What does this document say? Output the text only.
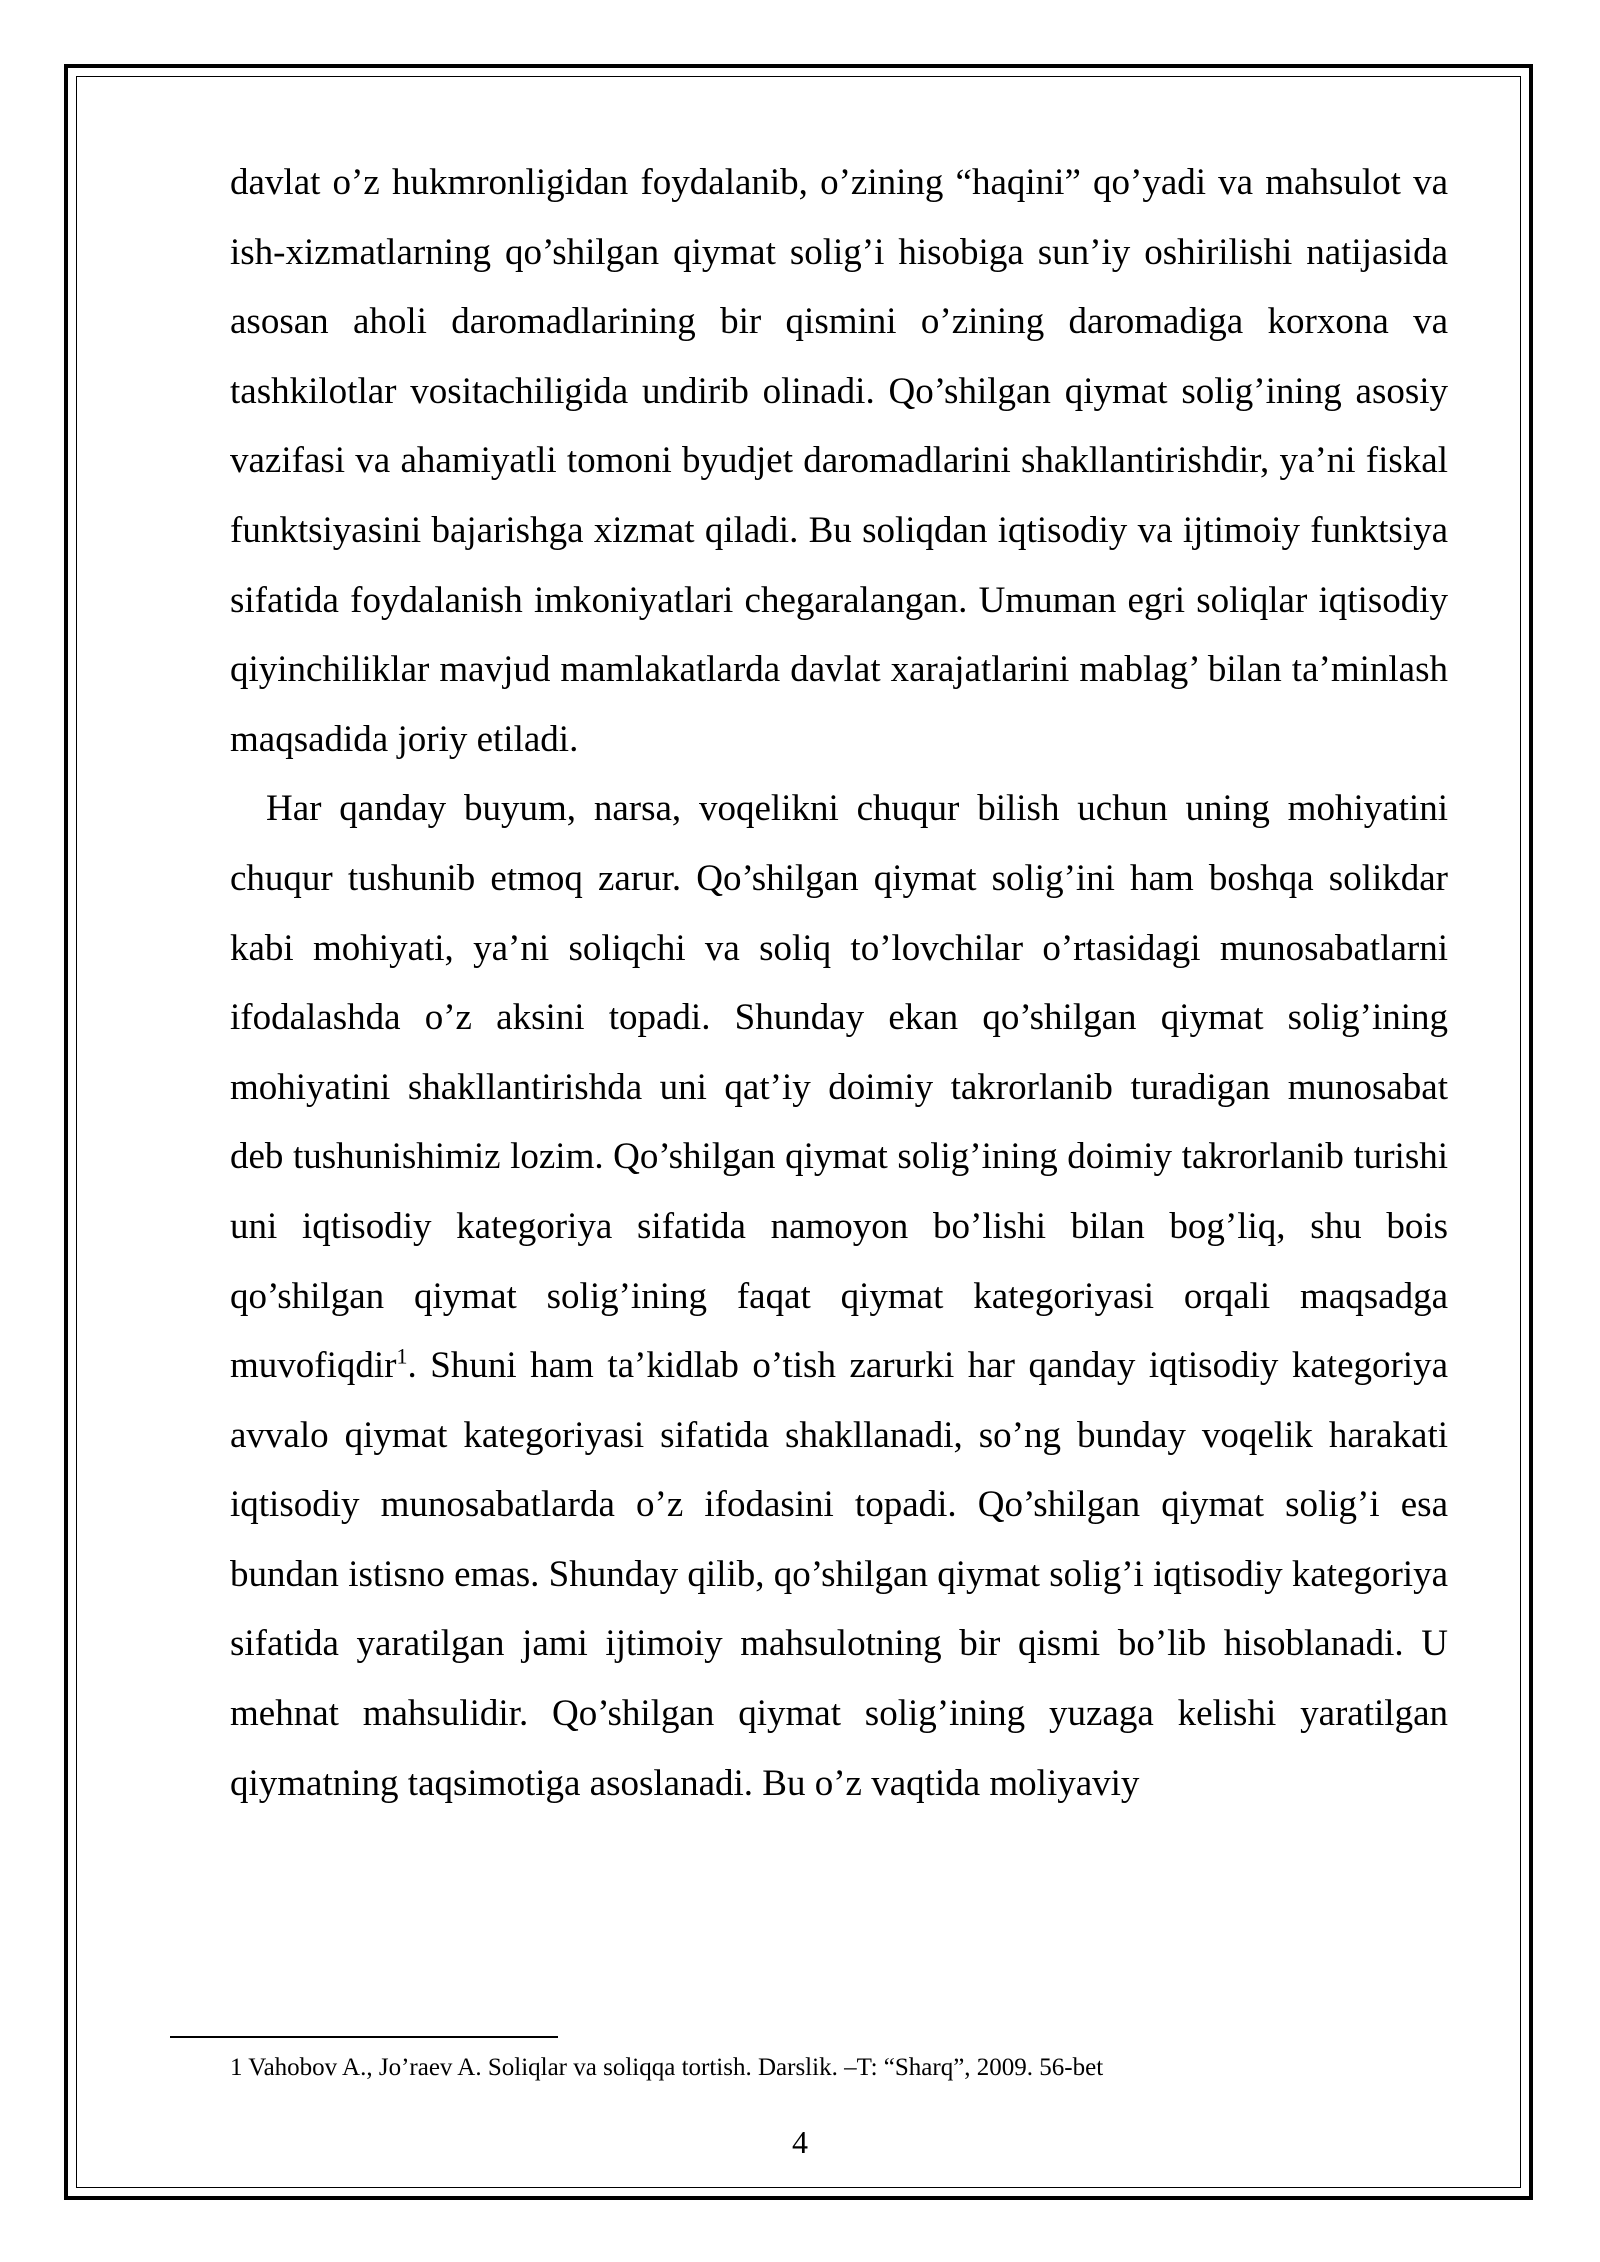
davlat o’z hukmronligidan foydalanib, o’zining “haqini” qo’yadi va mahsulot va ish-xizmatlarning qo’shilgan qiymat solig’i hisobiga sun’iy oshirilishi natijasida asosan aholi daromadlarining bir qismini o’zining daromadiga korxona va tashkilotlar vositachiligida undirib olinadi. Qo’shilgan qiymat solig’ining asosiy vazifasi va ahamiyatli tomoni byudjet daromadlarini shakllantirishdir, ya’ni fiskal funktsiyasini bajarishga xizmat qiladi. Bu soliqdan iqtisodiy va ijtimoiy funktsiya sifatida foydalanish imkoniyatlari chegaralangan. Umuman egri soliqlar iqtisodiy qiyinchiliklar mavjud mamlakatlarda davlat xarajatlarini mablag’ bilan ta’minlash maqsadida joriy etiladi.

Har qanday buyum, narsa, voqelikni chuqur bilish uchun uning mohiyatini chuqur tushunib etmoq zarur. Qo’shilgan qiymat solig’ini ham boshqa solikdar kabi mohiyati, ya’ni soliqchi va soliq to’lovchilar o’rtasidagi munosabatlarni ifodalashda o’z aksini topadi. Shunday ekan qo’shilgan qiymat solig’ining mohiyatini shakllantirishda uni qat’iy doimiy takrorlanib turadigan munosabat deb tushunishimiz lozim. Qo’shilgan qiymat solig’ining doimiy takrorlanib turishi uni iqtisodiy kategoriya sifatida namoyon bo’lishi bilan bog’liq, shu bois qo’shilgan qiymat solig’ining faqat qiymat kategoriyasi orqali maqsadga muvofiqdir$^1$. Shuni ham ta’kidlab o’tish zarurki har qanday iqtisodiy kategoriya avvalo qiymat kategoriyasi sifatida shakllanadi, so’ng bunday voqelik harakati iqtisodiy munosabatlarda o’z ifodasini topadi. Qo’shilgan qiymat solig’i esa bundan istisno emas. Shunday qilib, qo’shilgan qiymat solig’i iqtisodiy kategoriya sifatida yaratilgan jami ijtimoiy mahsulotning bir qismi bo’lib hisoblanadi. U mehnat mahsulidir. Qo’shilgan qiymat solig’ining yuzaga kelishi yaratilgan qiymatning taqsimotiga asoslanadi. Bu o’z vaqtida moliyaviy

1 Vahobov A., Jo’raev A. Soliqlar va soliqqa tortish. Darslik. –T: “Sharq”, 2009. 56-bet
4
